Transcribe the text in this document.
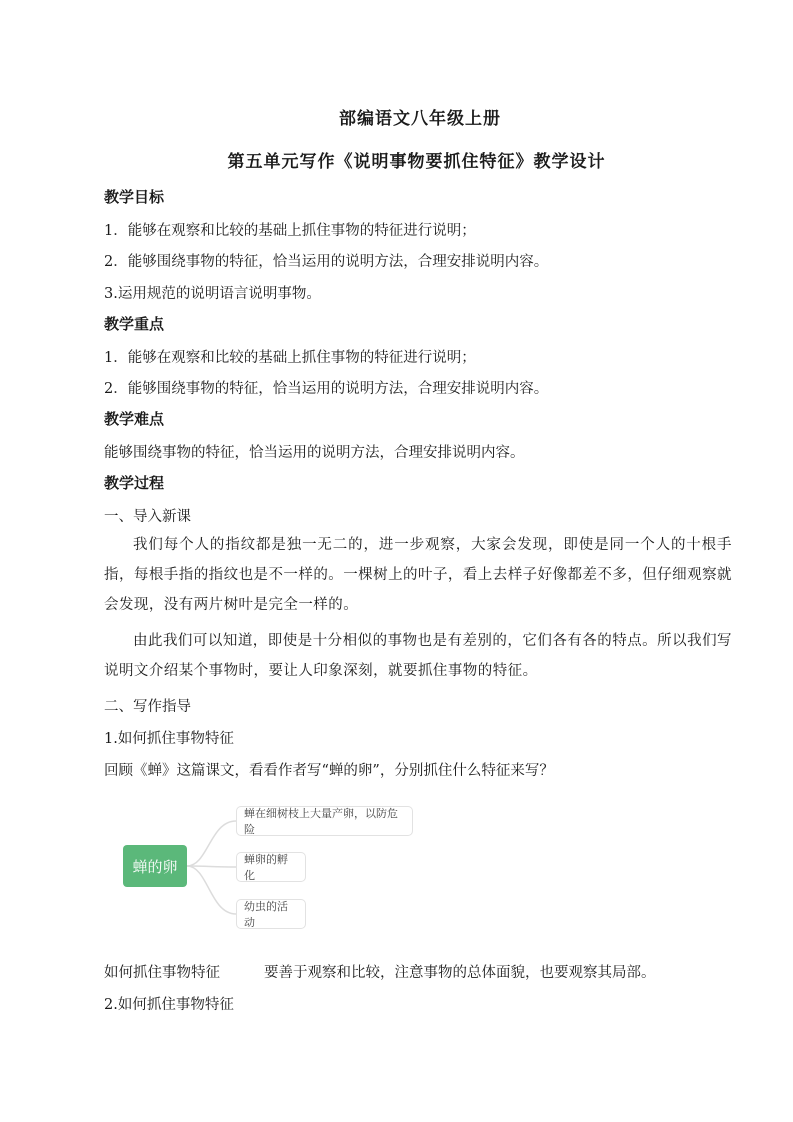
部编语文八年级上册
第五单元写作《说明事物要抓住特征》教学设计
教学目标
1．能够在观察和比较的基础上抓住事物的特征进行说明；
2．能够围绕事物的特征，恰当运用的说明方法，合理安排说明内容。
3.运用规范的说明语言说明事物。
教学重点
1．能够在观察和比较的基础上抓住事物的特征进行说明；
2．能够围绕事物的特征，恰当运用的说明方法，合理安排说明内容。
教学难点
能够围绕事物的特征，恰当运用的说明方法，合理安排说明内容。
教学过程
一、导入新课
我们每个人的指纹都是独一无二的，进一步观察，大家会发现，即使是同一个人的十根手指，每根手指的指纹也是不一样的。一棵树上的叶子，看上去样子好像都差不多，但仔细观察就会发现，没有两片树叶是完全一样的。
由此我们可以知道，即使是十分相似的事物也是有差别的，它们各有各的特点。所以我们写说明文介绍某个事物时，要让人印象深刻，就要抓住事物的特征。
二、写作指导
1.如何抓住事物特征
回顾《蝉》这篇课文，看看作者写“蝉的卵”，分别抓住什么特征来写？
蝉的卵
蝉在细树枝上大量产卵，以防危险
蝉卵的孵化
幼虫的活动
如何抓住事物特征	要善于观察和比较，注意事物的总体面貌，也要观察其局部。
2.如何抓住事物特征
